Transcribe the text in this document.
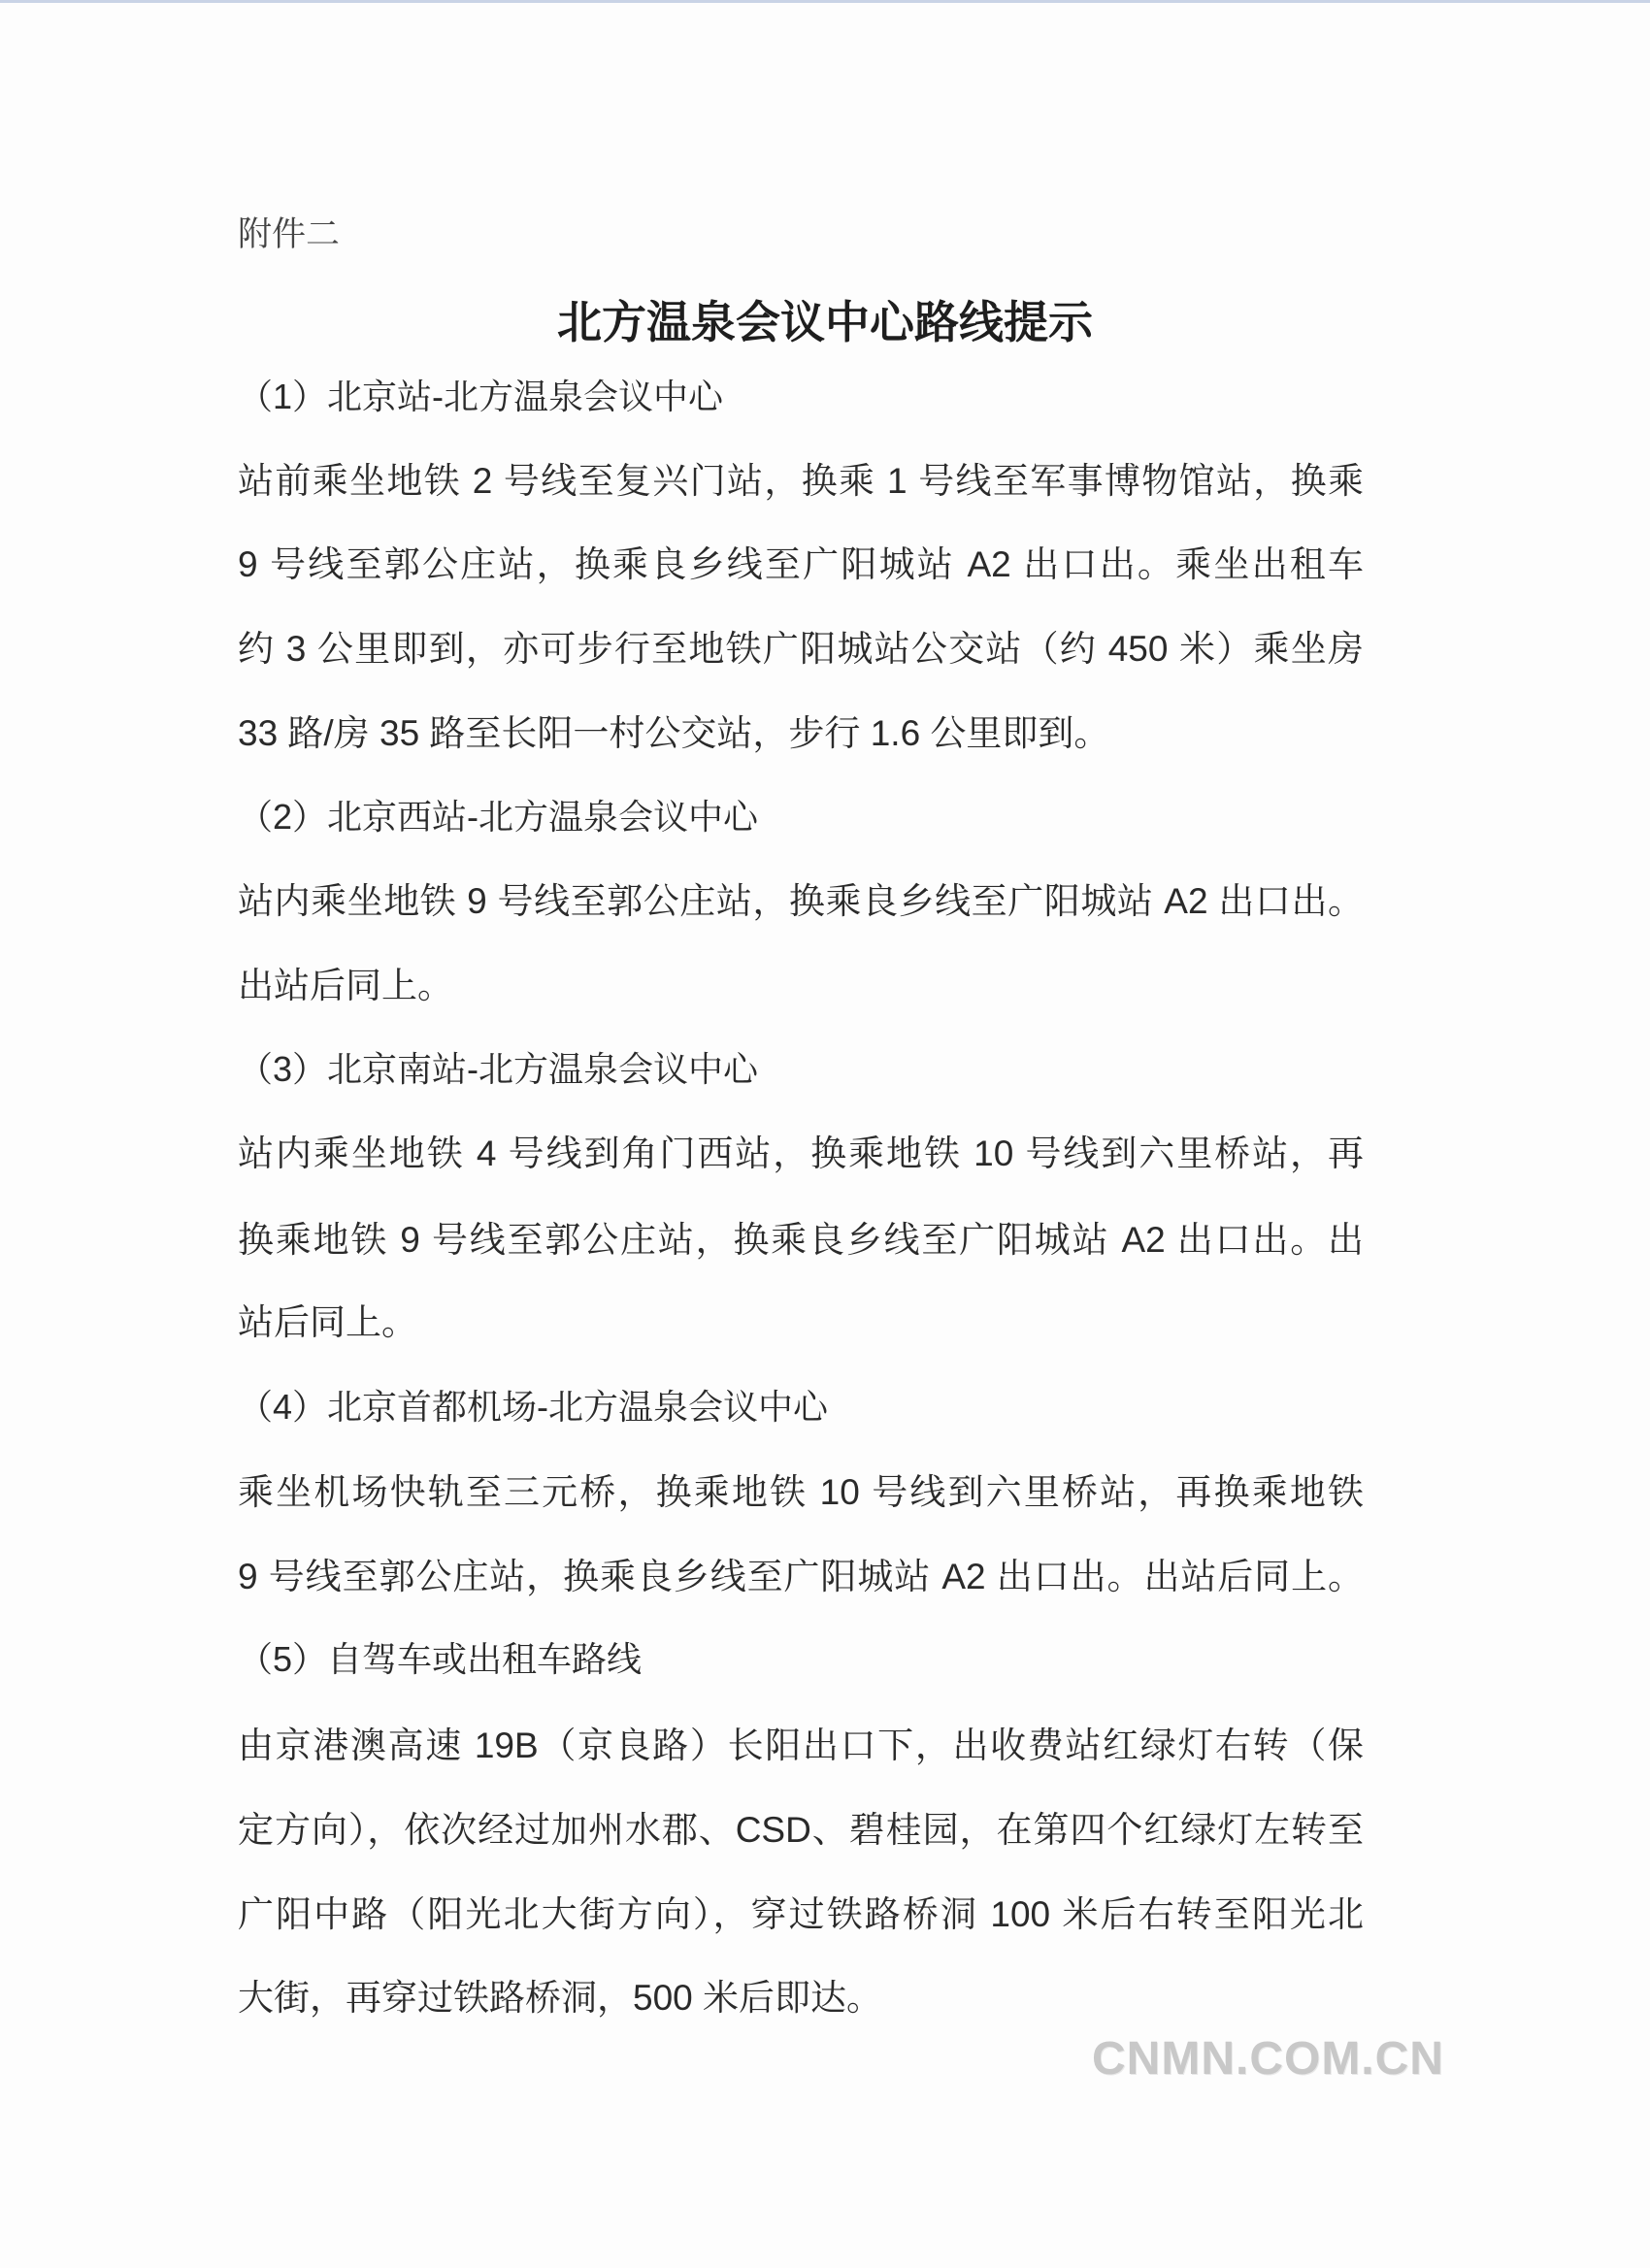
附件二
北方温泉会议中心路线提示
（1）北京站-北方温泉会议中心
站前乘坐地铁 2 号线至复兴门站，换乘 1 号线至军事博物馆站，换乘
9 号线至郭公庄站，换乘良乡线至广阳城站 A2 出口出。乘坐出租车
约 3 公里即到，亦可步行至地铁广阳城站公交站（约 450 米）乘坐房
33 路/房 35 路至长阳一村公交站，步行 1.6 公里即到。
（2）北京西站-北方温泉会议中心
站内乘坐地铁 9 号线至郭公庄站，换乘良乡线至广阳城站 A2 出口出。
出站后同上。
（3）北京南站-北方温泉会议中心
站内乘坐地铁 4 号线到角门西站，换乘地铁 10 号线到六里桥站，再
换乘地铁 9 号线至郭公庄站，换乘良乡线至广阳城站 A2 出口出。出
站后同上。
（4）北京首都机场-北方温泉会议中心
乘坐机场快轨至三元桥，换乘地铁 10 号线到六里桥站，再换乘地铁
9 号线至郭公庄站，换乘良乡线至广阳城站 A2 出口出。出站后同上。
（5）自驾车或出租车路线
由京港澳高速 19B（京良路）长阳出口下，出收费站红绿灯右转（保
定方向），依次经过加州水郡、CSD、碧桂园，在第四个红绿灯左转至
广阳中路（阳光北大街方向），穿过铁路桥洞 100 米后右转至阳光北
大街，再穿过铁路桥洞，500 米后即达。
CNMN.COM.CN
